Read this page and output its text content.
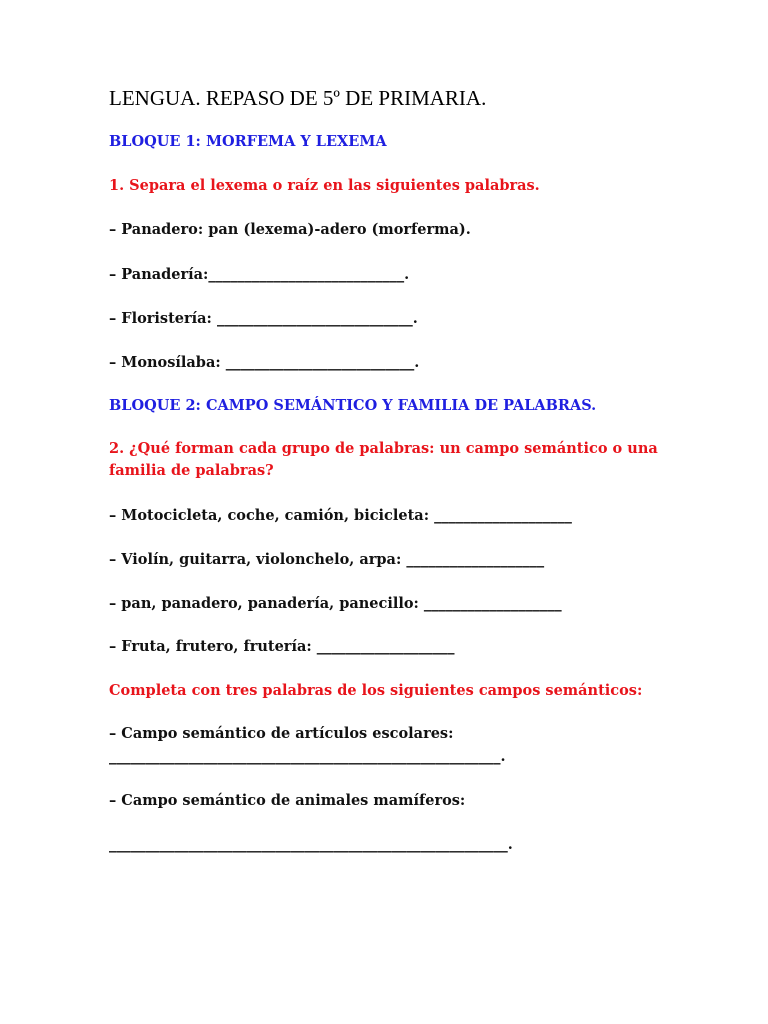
LENGUA. REPASO DE 5º DE PRIMARIA.
BLOQUE 1: MORFEMA Y LEXEMA
1. Separa el lexema o raíz en las siguientes palabras.
– Panadero: pan (lexema)-adero (morferma).
– Panadería:___________________________.
– Floristería: ___________________________.
– Monosílaba: __________________________.
BLOQUE 2: CAMPO SEMÁNTICO Y FAMILIA DE PALABRAS.
2. ¿Qué forman cada grupo de palabras: un campo semántico o una
familia de palabras?
– Motocicleta, coche, camión, bicicleta: ___________________
– Violín, guitarra, violonchelo, arpa: ___________________
– pan, panadero, panadería, panecillo: ___________________
– Fruta, frutero, frutería: ___________________
Completa con tres palabras de los siguientes campos semánticos:
– Campo semántico de artículos escolares:
______________________________________________________.
– Campo semántico de animales mamíferos:
_______________________________________________________.
